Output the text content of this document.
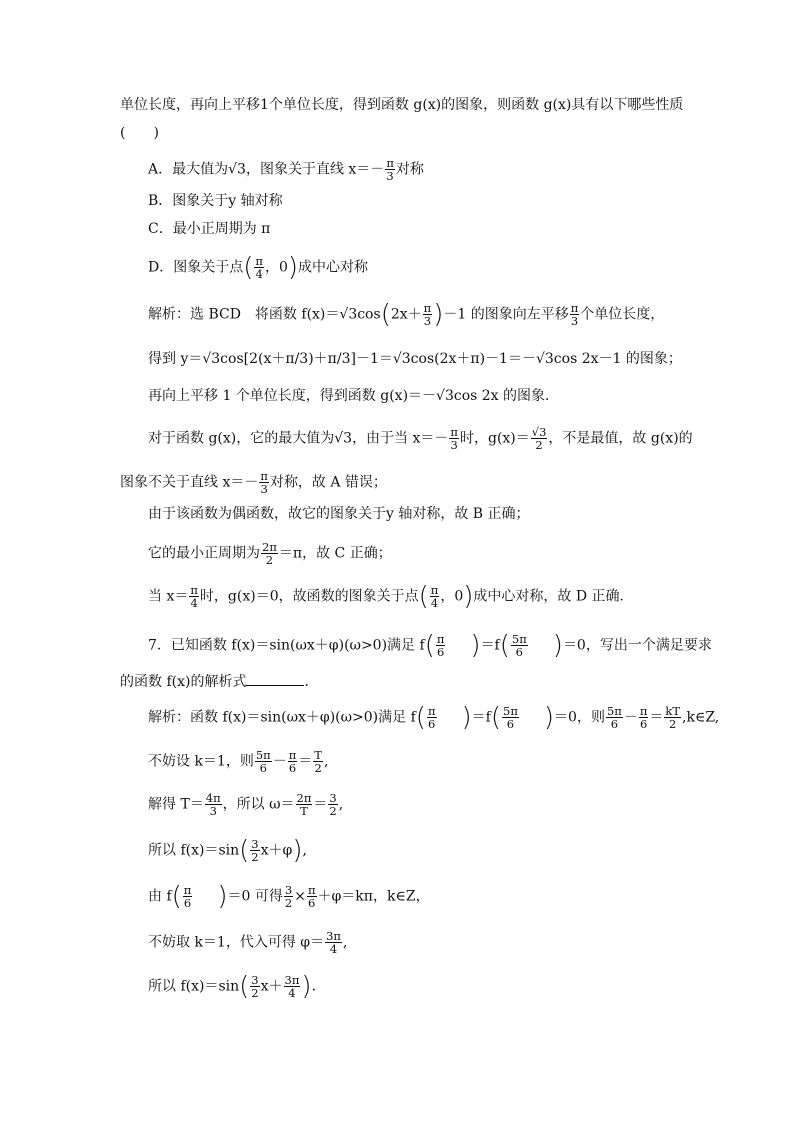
单位长度，再向上平移1个单位长度，得到函数 g(x)的图象，则函数 g(x)具有以下哪些性质
(　　)
A．最大值为√3，图象关于直线 $x=- \frac{\pi}{3}$ 对称
B．图象关于y 轴对称
C．最小正周期为 π
D．图象关于点( $\frac{\pi}{4}$ ，0)成中心对称
解析：选 BCD　将函数 $f(x)=√3\cos(2x+ \frac{\pi}{3} )-1$ 的图象向左平移 $\frac{\pi}{3}$ 个单位长度，
得到 y＝√3cos[2(x＋π/3)＋π/3]－1＝√3cos(2x＋π)－1＝－√3cos 2x－1 的图象；
再向上平移 1 个单位长度，得到函数 g(x)＝－√3cos 2x 的图象．
对于函数 g(x)，它的最大值为√3，由于当 $x=- \frac{\pi}{3}$ 时，$g(x)= \frac{√3}{2}$ ，不是最值，故 g(x)的
图象不关于直线 $x=- \frac{\pi}{3}$ 对称，故 A 错误；
由于该函数为偶函数，故它的图象关于y 轴对称，故 B 正确；
它的最小正周期为 $\frac{2\pi}{2} =\pi$，故 C 正确；
当 $x= \frac{\pi}{4}$ 时，g(x)＝0，故函数的图象关于点( $\frac{\pi}{4}$ ，0)成中心对称，故 D 正确．
7．已知函数 f(x)＝sin(ωx＋φ)(ω>0)满足 $f( \frac{\pi}{6} )=f( \frac{5\pi}{6} )=0$，写出一个满足要求
的函数 f(x)的解析式	．
解析：函数 f(x)＝sin(ωx＋φ)(ω>0)满足 $f( \frac{\pi}{6} )=f( \frac{5\pi}{6} )=0$，则 $\frac{5\pi}{6} - \frac{\pi}{6} = \frac{kT}{2}$ ,k∈Z,
不妨设 k＝1，则 $\frac{5\pi}{6} - \frac{\pi}{6} = \frac{T}{2}$ ,
解得 $T= \frac{4\pi}{3}$ ，所以 $\omega= \frac{2\pi}{T} = \frac{3}{2}$ ,
所以 $f(x)=\sin( \frac{3}{2} x+\varphi)$,
由 $f( \frac{\pi}{6} )=0$ 可得 $\frac{3}{2} \times \frac{\pi}{6} +\varphi=k\pi$，k∈Z，
不妨取 k＝1，代入可得 $\varphi= \frac{3\pi}{4}$ ,
所以 $f(x)=\sin( \frac{3}{2} x+ \frac{3\pi}{4}$ ).
